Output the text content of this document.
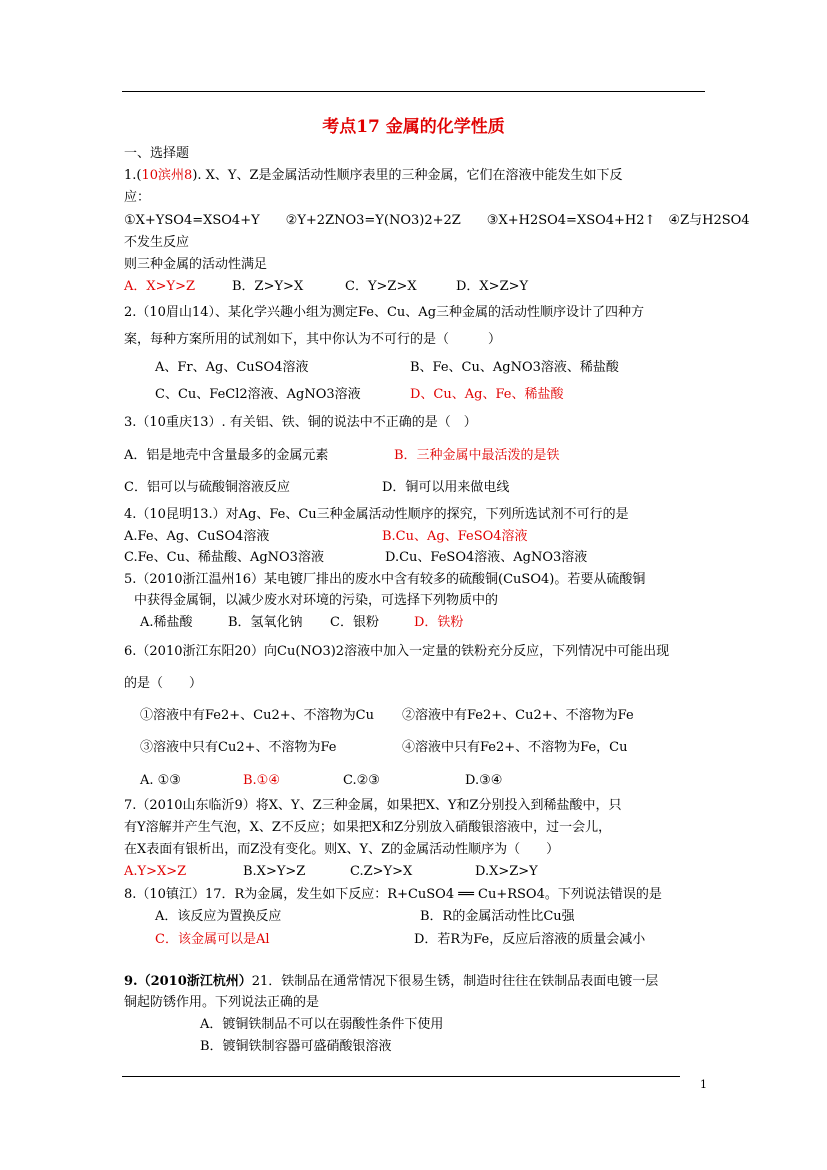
考点17 金属的化学性质
一、选择题
1.(10滨州8). X、Y、Z是金属活动性顺序表里的三种金属，它们在溶液中能发生如下反
应：
①X+YSO4=XSO4+Y　　②Y+2ZNO3=Y(NO3)2+2Z　　③X+H2SO4=XSO4+H2↑　④Z与H2SO4
不发生反应
则三种金属的活动性满足
A．X>Y>Z	B．Z>Y>X	C．Y>Z>X	D．X>Z>Y
2.（10眉山14）、某化学兴趣小组为测定Fe、Cu、Ag三种金属的活动性顺序设计了四种方
案，每种方案所用的试剂如下，其中你认为不可行的是（　　　）
A、Fr、Ag、CuSO4溶液	B、Fe、Cu、AgNO3溶液、稀盐酸
C、Cu、FeCl2溶液、AgNO3溶液	D、Cu、Ag、Fe、稀盐酸
3.（10重庆13）. 有关铝、铁、铜的说法中不正确的是（　）
A．铝是地壳中含量最多的金属元素	B．三种金属中最活泼的是铁
C．铝可以与硫酸铜溶液反应	D．铜可以用来做电线
4.（10昆明13.）对Ag、Fe、Cu三种金属活动性顺序的探究，下列所选试剂不可行的是
A.Fe、Ag、CuSO4溶液	B.Cu、Ag、FeSO4溶液
C.Fe、Cu、稀盐酸、AgNO3溶液	D.Cu、FeSO4溶液、AgNO3溶液
5.（2010浙江温州16）某电镀厂排出的废水中含有较多的硫酸铜(CuSO4)。若要从硫酸铜
中获得金属铜，以减少废水对环境的污染，可选择下列物质中的
A.稀盐酸	B．氢氧化钠 C．银粉	D．铁粉
6.（2010浙江东阳20）向Cu(NO3)2溶液中加入一定量的铁粉充分反应，下列情况中可能出现
的是（　　）
①溶液中有Fe2+、Cu2+、不溶物为Cu ②溶液中有Fe2+、Cu2+、不溶物为Fe
③溶液中只有Cu2+、不溶物为Fe	④溶液中只有Fe2+、不溶物为Fe，Cu
A. ①③	B.①④	C.②③	D.③④
7.（2010山东临沂9）将X、Y、Z三种金属，如果把X、Y和Z分别投入到稀盐酸中，只
有Y溶解并产生气泡，X、Z不反应；如果把X和Z分别放入硝酸银溶液中，过一会儿，
在X表面有银析出，而Z没有变化。则X、Y、Z的金属活动性顺序为（　　）
A.Y>X>Z	B.X>Y>Z	C.Z>Y>X	D.X>Z>Y
8.（10镇江）17．R为金属，发生如下反应：R+CuSO4 ══ Cu+RSO4。下列说法错误的是
A．该反应为置换反应	B．R的金属活动性比Cu强
C．该金属可以是Al	D．若R为Fe，反应后溶液的质量会减小
9.（2010浙江杭州）21．铁制品在通常情况下很易生锈，制造时往往在铁制品表面电镀一层
铜起防锈作用。下列说法正确的是
A．镀铜铁制品不可以在弱酸性条件下使用
B．镀铜铁制容器可盛硝酸银溶液
1
